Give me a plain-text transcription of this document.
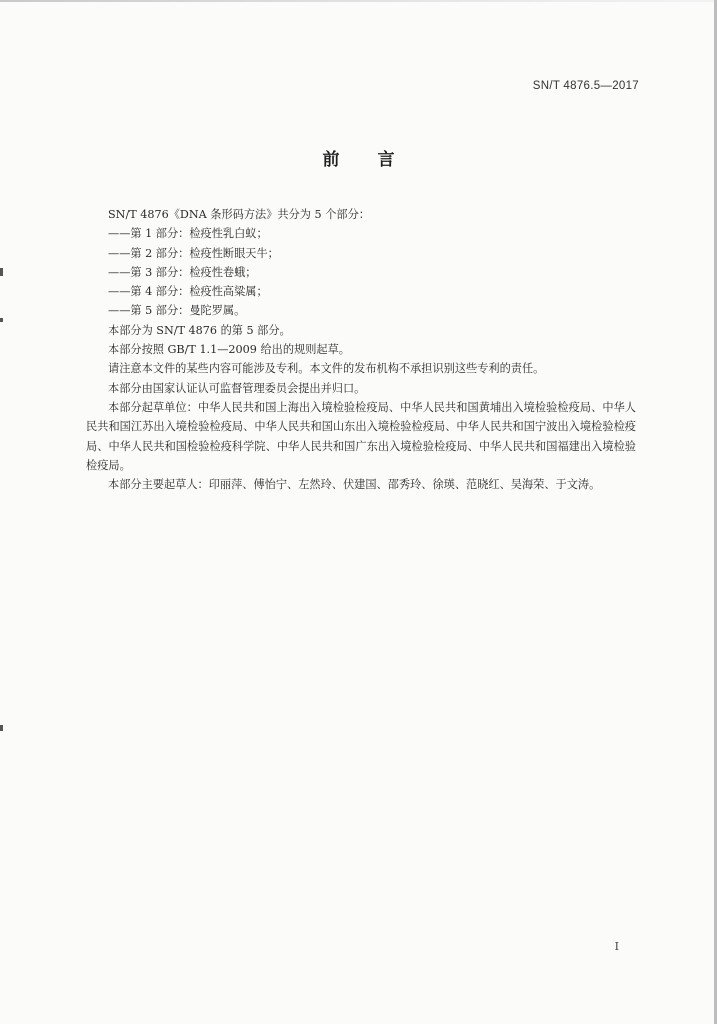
SN/T 4876.5—2017
前言

SN/T 4876《DNA 条形码方法》共分为 5 个部分：

——第 1 部分：检疫性乳白蚁；

——第 2 部分：检疫性断眼天牛；

——第 3 部分：检疫性卷蛾；

——第 4 部分：检疫性高粱属；

——第 5 部分：曼陀罗属。

本部分为 SN/T 4876 的第 5 部分。

本部分按照 GB/T 1.1—2009 给出的规则起草。

请注意本文件的某些内容可能涉及专利。本文件的发布机构不承担识别这些专利的责任。

本部分由国家认证认可监督管理委员会提出并归口。

本部分起草单位：中华人民共和国上海出入境检验检疫局、中华人民共和国黄埔出入境检验检疫局、中华人民共和国江苏出入境检验检疫局、中华人民共和国山东出入境检验检疫局、中华人民共和国宁波出入境检验检疫局、中华人民共和国检验检疫科学院、中华人民共和国广东出入境检验检疫局、中华人民共和国福建出入境检验检疫局。

本部分主要起草人：印丽萍、傅怡宁、左然玲、伏建国、邵秀玲、徐瑛、范晓红、吴海荣、于文涛。

I
